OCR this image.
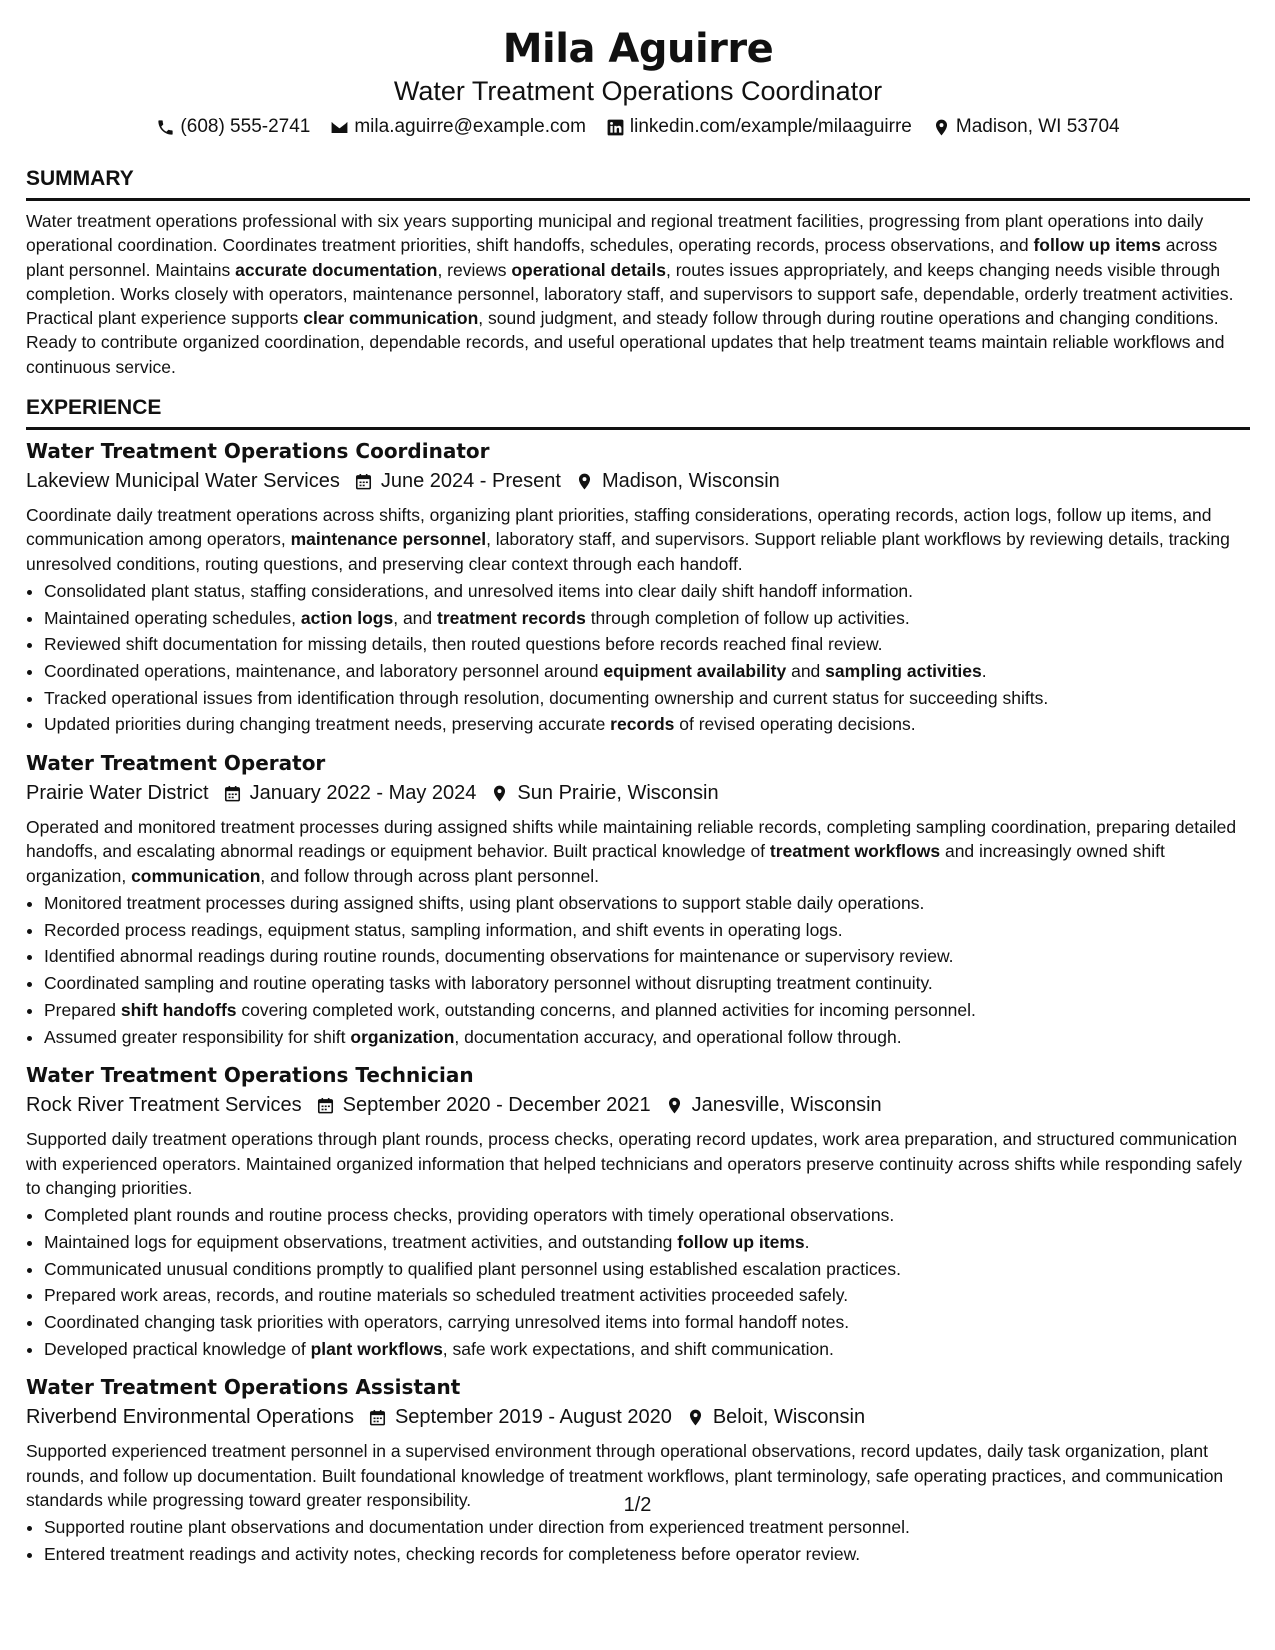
Mila Aguirre
Water Treatment Operations Coordinator
(608) 555-2741 mila.aguirre@example.com linkedin.com/example/milaaguirre Madison, WI 53704
SUMMARY

Water treatment operations professional with six years supporting municipal and regional treatment facilities, progressing from plant operations into daily operational coordination. Coordinates treatment priorities, shift handoffs, schedules, operating records, process observations, and follow up items across plant personnel. Maintains accurate documentation, reviews operational details, routes issues appropriately, and keeps changing needs visible through completion. Works closely with operators, maintenance personnel, laboratory staff, and supervisors to support safe, dependable, orderly treatment activities. Practical plant experience supports clear communication, sound judgment, and steady follow through during routine operations and changing conditions. Ready to contribute organized coordination, dependable records, and useful operational updates that help treatment teams maintain reliable workflows and continuous service.

EXPERIENCE
Water Treatment Operations Coordinator
Lakeview Municipal Water Services June 2024 - Present Madison, Wisconsin

Coordinate daily treatment operations across shifts, organizing plant priorities, staffing considerations, operating records, action logs, follow up items, and communication among operators, maintenance personnel, laboratory staff, and supervisors. Support reliable plant workflows by reviewing details, tracking unresolved conditions, routing questions, and preserving clear context through each handoff.

• Consolidated plant status, staffing considerations, and unresolved items into clear daily shift handoff information.
• Maintained operating schedules, action logs, and treatment records through completion of follow up activities.
• Reviewed shift documentation for missing details, then routed questions before records reached final review.
• Coordinated operations, maintenance, and laboratory personnel around equipment availability and sampling activities.
• Tracked operational issues from identification through resolution, documenting ownership and current status for succeeding shifts.
• Updated priorities during changing treatment needs, preserving accurate records of revised operating decisions.
Water Treatment Operator
Prairie Water District January 2022 - May 2024 Sun Prairie, Wisconsin

Operated and monitored treatment processes during assigned shifts while maintaining reliable records, completing sampling coordination, preparing detailed handoffs, and escalating abnormal readings or equipment behavior. Built practical knowledge of treatment workflows and increasingly owned shift organization, communication, and follow through across plant personnel.

• Monitored treatment processes during assigned shifts, using plant observations to support stable daily operations.
• Recorded process readings, equipment status, sampling information, and shift events in operating logs.
• Identified abnormal readings during routine rounds, documenting observations for maintenance or supervisory review.
• Coordinated sampling and routine operating tasks with laboratory personnel without disrupting treatment continuity.
• Prepared shift handoffs covering completed work, outstanding concerns, and planned activities for incoming personnel.
• Assumed greater responsibility for shift organization, documentation accuracy, and operational follow through.
Water Treatment Operations Technician
Rock River Treatment Services September 2020 - December 2021 Janesville, Wisconsin

Supported daily treatment operations through plant rounds, process checks, operating record updates, work area preparation, and structured communication with experienced operators. Maintained organized information that helped technicians and operators preserve continuity across shifts while responding safely to changing priorities.

• Completed plant rounds and routine process checks, providing operators with timely operational observations.
• Maintained logs for equipment observations, treatment activities, and outstanding follow up items.
• Communicated unusual conditions promptly to qualified plant personnel using established escalation practices.
• Prepared work areas, records, and routine materials so scheduled treatment activities proceeded safely.
• Coordinated changing task priorities with operators, carrying unresolved items into formal handoff notes.
• Developed practical knowledge of plant workflows, safe work expectations, and shift communication.
Water Treatment Operations Assistant
Riverbend Environmental Operations September 2019 - August 2020 Beloit, Wisconsin

Supported experienced treatment personnel in a supervised environment through operational observations, record updates, daily task organization, plant rounds, and follow up documentation. Built foundational knowledge of treatment workflows, plant terminology, safe operating practices, and communication standards while progressing toward greater responsibility.

• Supported routine plant observations and documentation under direction from experienced treatment personnel.
• Entered treatment readings and activity notes, checking records for completeness before operator review.
1/2
